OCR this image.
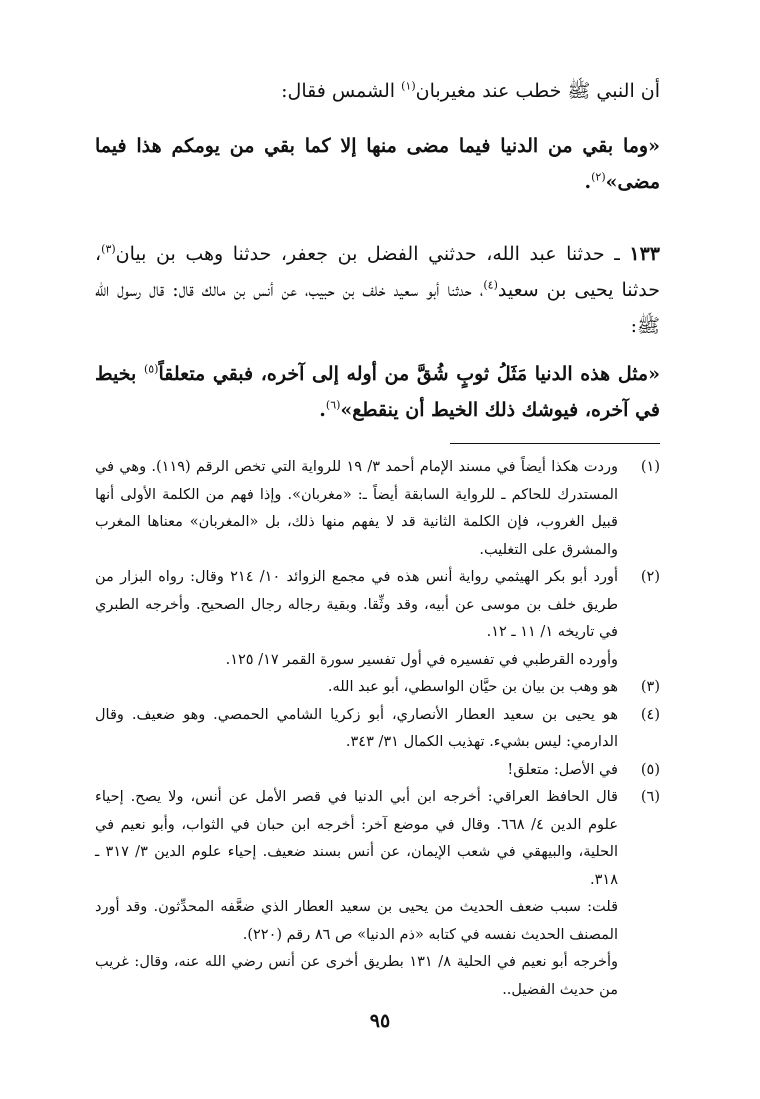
أن النبي ﷺ خطب عند مغيربان$^{(١)}$ الشمس فقال:
«وما بقي من الدنيا فيما مضى منها إلا كما بقي من يومكم هذا فيما مضى»$^{(٢)}$.
١٣٣ ـ حدثنا عبد الله، حدثني الفضل بن جعفر، حدثنا وهب بن بيان$^{(٣)}$، حدثنا يحيى بن سعيد$^{(٤)}$، حدثنا أبو سعيد خلف بن حبيب، عن أنس بن مالك قال: قال رسول الله ﷺ:
«مثل هذه الدنيا مَثَلُ ثوبٍ شُقَّ من أوله إلى آخره، فبقي متعلقاً$^{(٥)}$ بخيط في آخره، فيوشك ذلك الخيط أن ينقطع»$^{(٦)}$.
(١)
وردت هكذا أيضاً في مسند الإمام أحمد ٣/ ١٩ للرواية التي تخص الرقم (١١٩). وهي في المستدرك للحاكم ـ للرواية السابقة أيضاً ـ: «مغربان». وإذا فهم من الكلمة الأولى أنها قبيل الغروب، فإن الكلمة الثانية قد لا يفهم منها ذلك، بل «المغربان» معناها المغرب والمشرق على التغليب.
(٢)
أورد أبو بكر الهيثمي رواية أنس هذه في مجمع الزوائد ١٠/ ٢١٤ وقال: رواه البزار من طريق خلف بن موسى عن أبيه، وقد وثِّقا. وبقية رجاله رجال الصحيح. وأخرجه الطبري في تاريخه ١/ ١١ ـ ١٢.
وأورده القرطبي في تفسيره في أول تفسير سورة القمر ١٧/ ١٢٥.
(٣)
هو وهب بن بيان بن حيَّان الواسطي، أبو عبد الله.
(٤)
هو يحيى بن سعيد العطار الأنصاري، أبو زكريا الشامي الحمصي. وهو ضعيف. وقال الدارمي: ليس بشيء. تهذيب الكمال ٣١/ ٣٤٣.
(٥)
في الأصل: متعلق!
(٦)
قال الحافظ العراقي: أخرجه ابن أبي الدنيا في قصر الأمل عن أنس، ولا يصح. إحياء علوم الدين ٤/ ٦٦٨. وقال في موضع آخر: أخرجه ابن حبان في الثواب، وأبو نعيم في الحلية، والبيهقي في شعب الإيمان، عن أنس بسند ضعيف. إحياء علوم الدين ٣/ ٣١٧ ـ ٣١٨.
قلت: سبب ضعف الحديث من يحيى بن سعيد العطار الذي ضعَّفه المحدِّثون. وقد أورد المصنف الحديث نفسه في كتابه «ذم الدنيا» ص ٨٦ رقم (٢٢٠).
وأخرجه أبو نعيم في الحلية ٨/ ١٣١ بطريق أخرى عن أنس رضي الله عنه، وقال: غريب من حديث الفضيل..
٩٥
